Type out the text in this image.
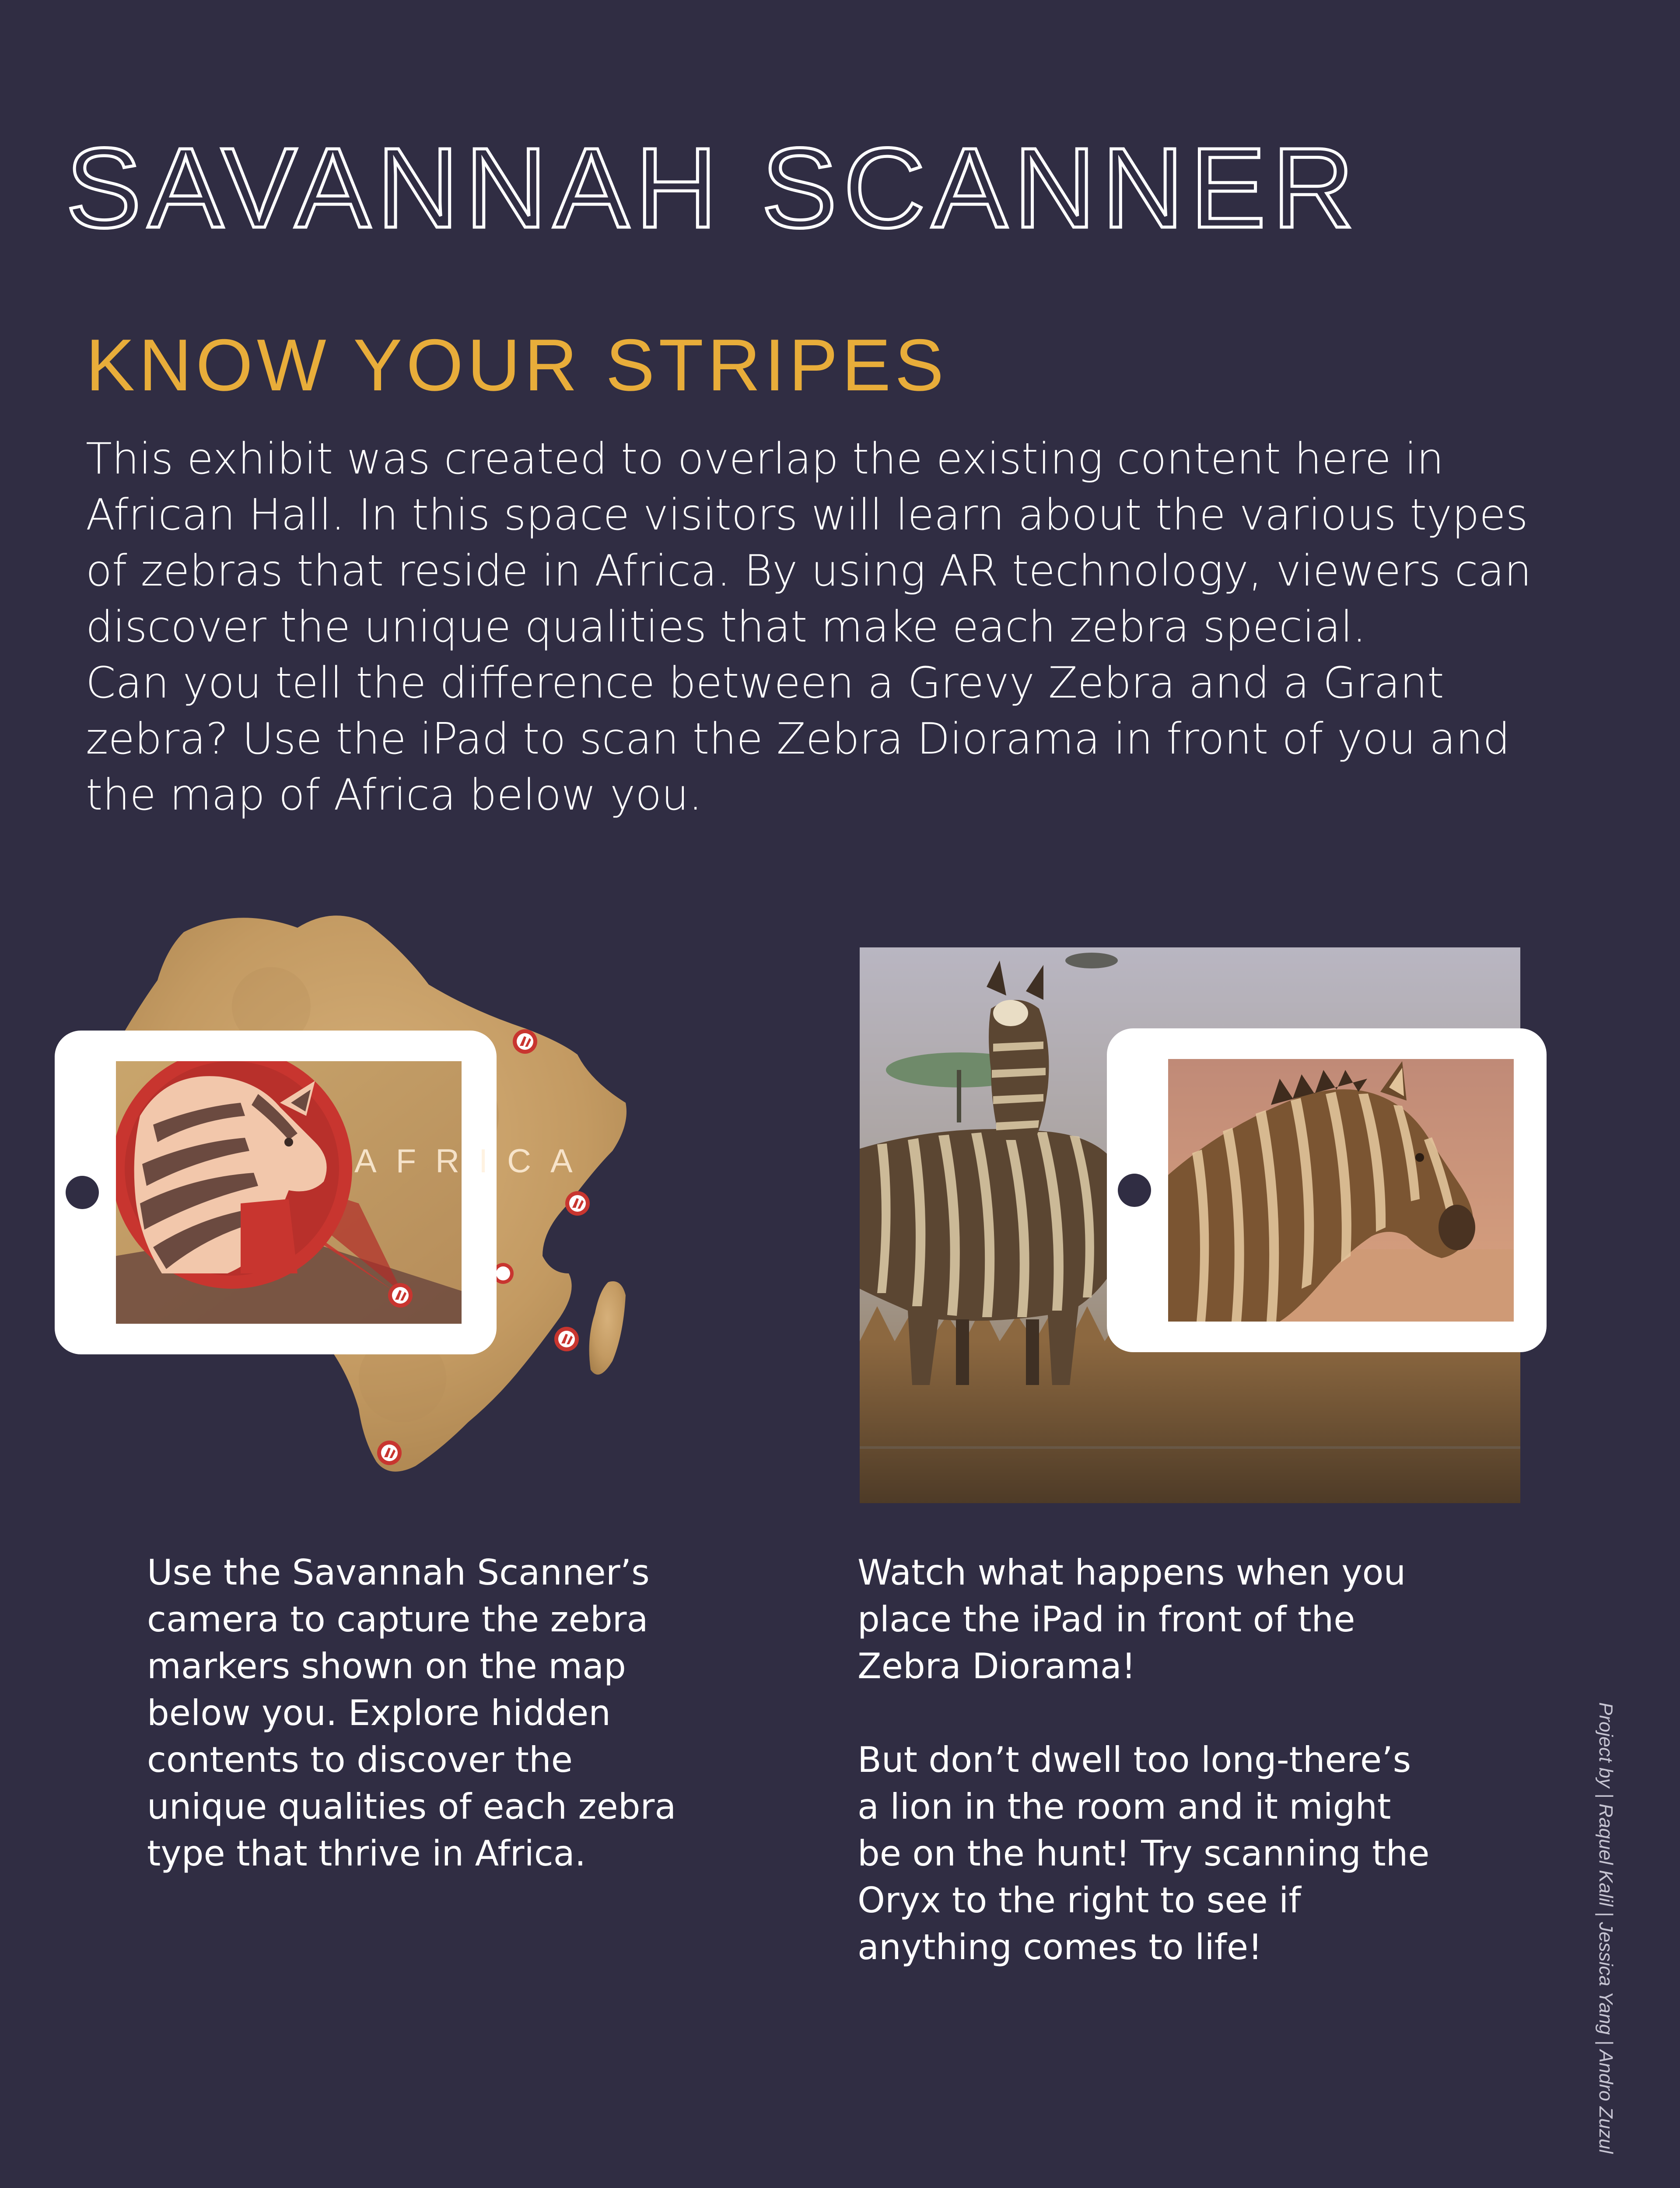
SAVANNAH SCANNER
KNOW YOUR STRIPES
This exhibit was created to overlap the existing content here in
African Hall. In this space visitors will learn about the various types
of zebras that reside in Africa. By using AR technology, viewers can
discover the unique qualities that make each zebra special.
Can you tell the difference between a Grevy Zebra and a Grant
zebra? Use the iPad to scan the Zebra Diorama in front of you and
the map of Africa below you.
AFRICA
Use the Savannah Scanner’s
camera to capture the zebra
markers shown on the map
below you. Explore hidden
contents to discover the
unique qualities of each zebra
type that thrive in Africa.
Watch what happens when you
place the iPad in front of the
Zebra Diorama!
But don’t dwell too long-there’s
a lion in the room and it might
be on the hunt! Try scanning the
Oryx to the right to see if
anything comes to life!	Project by | Raquel Kalil | Jessica Yang | Andro Zuzul
